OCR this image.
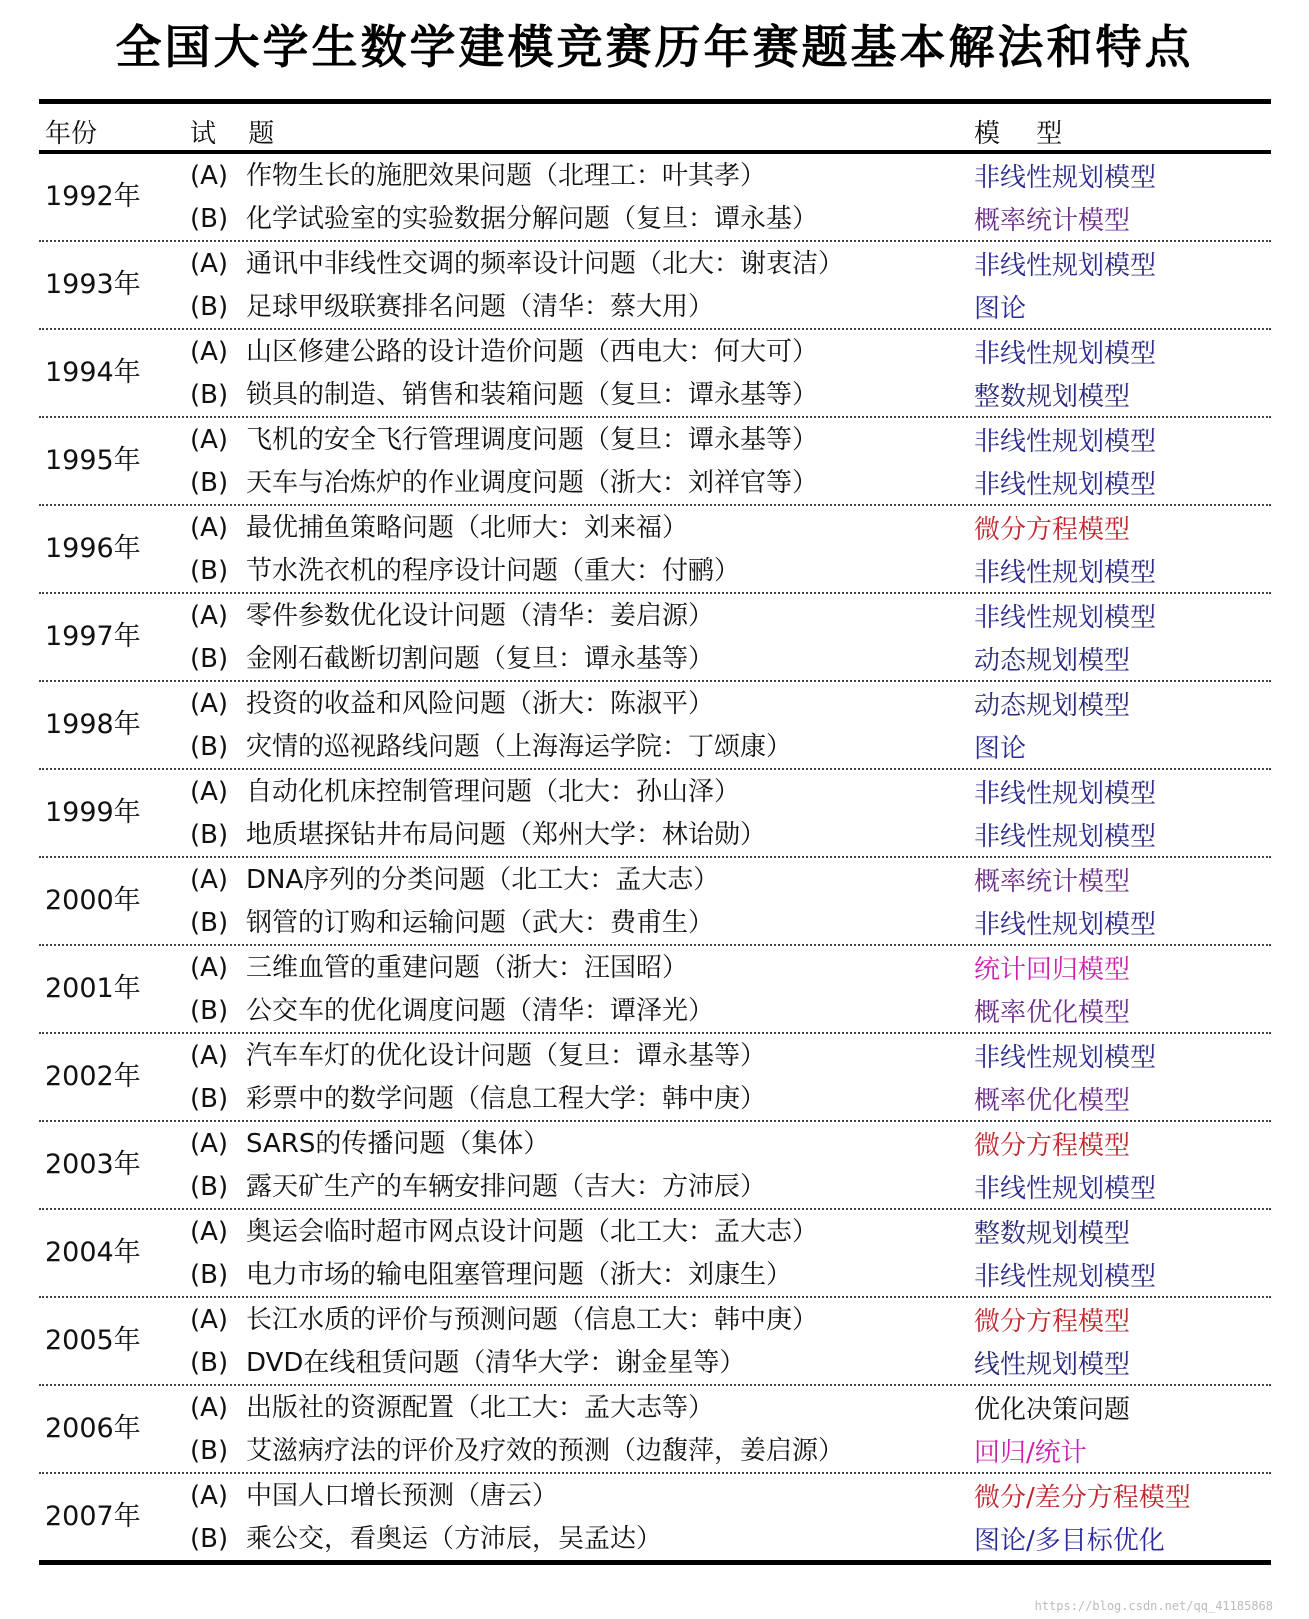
全国大学生数学建模竞赛历年赛题基本解法和特点
年份	试 题	模 型
1992年
(A) 作物生长的施肥效果问题（北理工：叶其孝）
(B) 化学试验室的实验数据分解问题（复旦：谭永基）
非线性规划模型
概率统计模型
1993年
(A) 通讯中非线性交调的频率设计问题（北大：谢衷洁）
(B) 足球甲级联赛排名问题（清华：蔡大用）
非线性规划模型
图论
1994年
(A) 山区修建公路的设计造价问题（西电大：何大可）
(B) 锁具的制造、销售和装箱问题（复旦：谭永基等）
非线性规划模型
整数规划模型
1995年
(A) 飞机的安全飞行管理调度问题（复旦：谭永基等）
(B) 天车与冶炼炉的作业调度问题（浙大：刘祥官等）
非线性规划模型
非线性规划模型
1996年
(A) 最优捕鱼策略问题（北师大：刘来福）
(B) 节水洗衣机的程序设计问题（重大：付鹂）
微分方程模型
非线性规划模型
1997年
(A) 零件参数优化设计问题（清华：姜启源）
(B) 金刚石截断切割问题（复旦：谭永基等）
非线性规划模型
动态规划模型
1998年
(A) 投资的收益和风险问题（浙大：陈淑平）
(B) 灾情的巡视路线问题（上海海运学院：丁颂康）
动态规划模型
图论
1999年
(A) 自动化机床控制管理问题（北大：孙山泽）
(B) 地质堪探钻井布局问题（郑州大学：林诒勋）
非线性规划模型
非线性规划模型
2000年
(A) DNA序列的分类问题（北工大：孟大志）
(B) 钢管的订购和运输问题（武大：费甫生）
概率统计模型
非线性规划模型
2001年
(A) 三维血管的重建问题（浙大：汪国昭）
(B) 公交车的优化调度问题（清华：谭泽光）
统计回归模型
概率优化模型
2002年
(A) 汽车车灯的优化设计问题（复旦：谭永基等）
(B) 彩票中的数学问题（信息工程大学：韩中庚）
非线性规划模型
概率优化模型
2003年
(A) SARS的传播问题（集体）
(B) 露天矿生产的车辆安排问题（吉大：方沛辰）
微分方程模型
非线性规划模型
2004年
(A) 奥运会临时超市网点设计问题（北工大：孟大志）
(B) 电力市场的输电阻塞管理问题（浙大：刘康生）
整数规划模型
非线性规划模型
2005年
(A) 长江水质的评价与预测问题（信息工大：韩中庚）
(B) DVD在线租赁问题（清华大学：谢金星等）
微分方程模型
线性规划模型
2006年
(A) 出版社的资源配置（北工大：孟大志等）
(B) 艾滋病疗法的评价及疗效的预测（边馥萍，姜启源）
优化决策问题
回归/统计
2007年
(A) 中国人口增长预测（唐云）
(B) 乘公交，看奥运（方沛辰，吴孟达）
微分/差分方程模型
图论/多目标优化
https://blog.csdn.net/qq_41185868
